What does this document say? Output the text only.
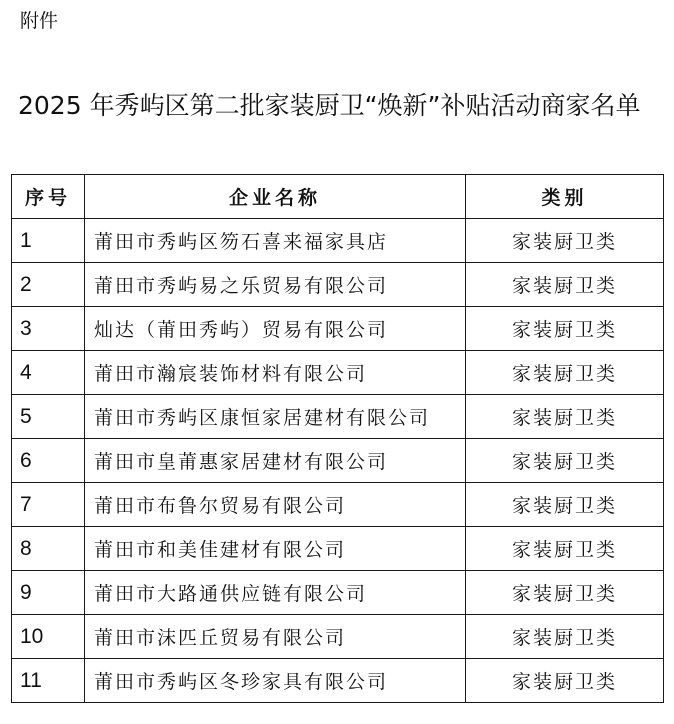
附件
2025 年秀屿区第二批家装厨卫“焕新”补贴活动商家名单
序号	企业名称	类别
1	莆田市秀屿区笏石喜来福家具店	家装厨卫类
2	莆田市秀屿易之乐贸易有限公司	家装厨卫类
3	灿达（莆田秀屿）贸易有限公司	家装厨卫类
4	莆田市瀚宸装饰材料有限公司	家装厨卫类
5	莆田市秀屿区康恒家居建材有限公司	家装厨卫类
6	莆田市皇莆惠家居建材有限公司	家装厨卫类
7	莆田市布鲁尔贸易有限公司	家装厨卫类
8	莆田市和美佳建材有限公司	家装厨卫类
9	莆田市大路通供应链有限公司	家装厨卫类
10	莆田市沫匹丘贸易有限公司	家装厨卫类
11	莆田市秀屿区冬珍家具有限公司	家装厨卫类
